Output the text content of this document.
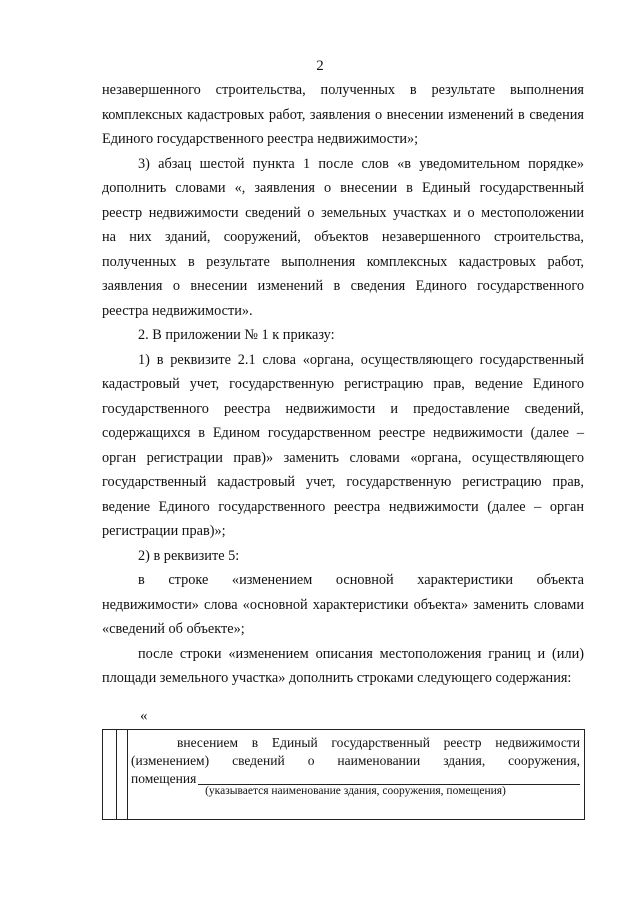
2
незавершенного строительства, полученных в результате выполнения
комплексных кадастровых работ, заявления о внесении изменений в сведения
Единого государственного реестра недвижимости»;
3) абзац шестой пункта 1 после слов «в уведомительном порядке»
дополнить словами «, заявления о внесении в Единый государственный
реестр недвижимости сведений о земельных участках и о местоположении
на них зданий, сооружений, объектов незавершенного строительства,
полученных в результате выполнения комплексных кадастровых работ,
заявления о внесении изменений в сведения Единого государственного
реестра недвижимости».
2. В приложении № 1 к приказу:
1) в реквизите 2.1 слова «органа, осуществляющего государственный
кадастровый учет, государственную регистрацию прав, ведение Единого
государственного реестра недвижимости и предоставление сведений,
содержащихся в Едином государственном реестре недвижимости (далее –
орган регистрации прав)» заменить словами «органа, осуществляющего
государственный кадастровый учет, государственную регистрацию прав,
ведение Единого государственного реестра недвижимости (далее – орган
регистрации прав)»;
2) в реквизите 5:
в строке «изменением основной характеристики объекта
недвижимости» слова «основной характеристики объекта» заменить словами
«сведений об объекте»;
после строки «изменением описания местоположения границ и (или)
площади земельного участка» дополнить строками следующего содержания:
«
внесением в Единый государственный реестр недвижимости
(изменением) сведений о наименовании здания, сооружения,
помещения
(указывается наименование здания, сооружения, помещения)
